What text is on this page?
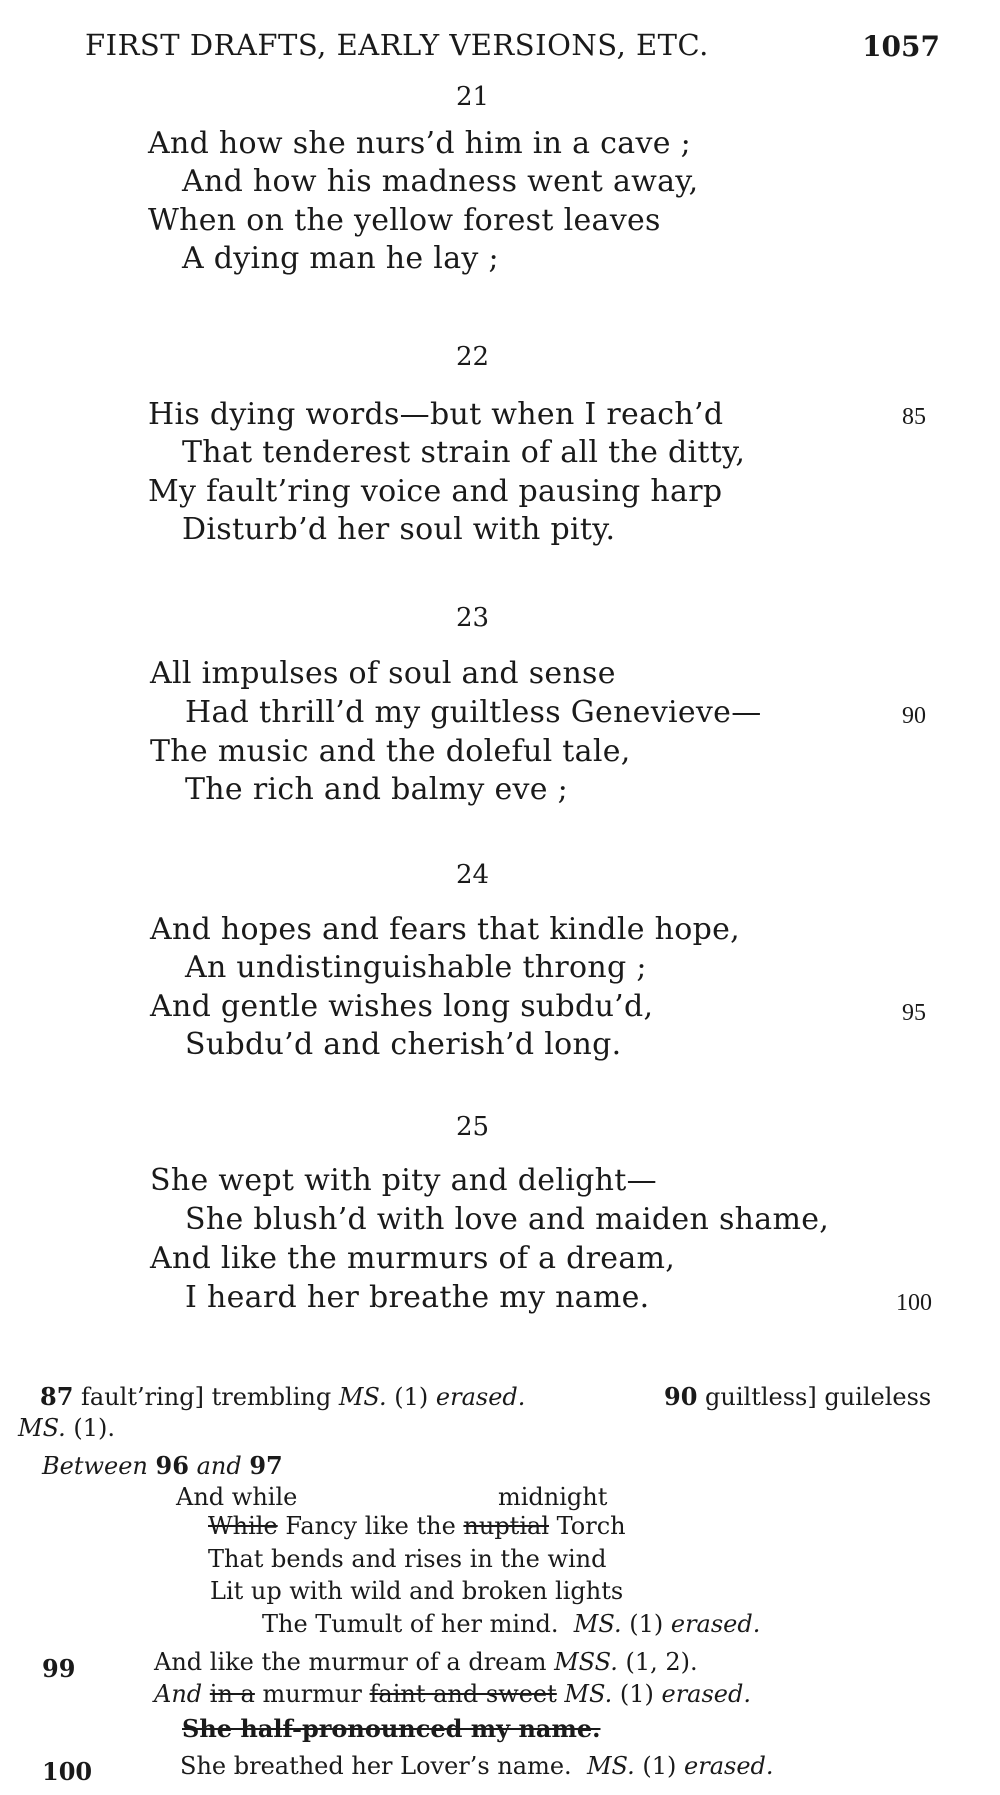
FIRST DRAFTS, EARLY VERSIONS, ETC.	1057
21
And how she nurs’d him in a cave ;
And how his madness went away,
When on the yellow forest leaves
A dying man he lay ;
22
His dying words—but when I reach’d	85
That tenderest strain of all the ditty,
My fault’ring voice and pausing harp
Disturb’d her soul with pity.
23
All impulses of soul and sense
Had thrill’d my guiltless Genevieve—	90
The music and the doleful tale,
The rich and balmy eve ;
24
And hopes and fears that kindle hope,
An undistinguishable throng ;
And gentle wishes long subdu’d,	95
Subdu’d and cherish’d long.
25
She wept with pity and delight—
She blush’d with love and maiden shame,
And like the murmurs of a dream,
I heard her breathe my name.	100
87 fault’ring] trembling MS. (1) erased.	90 guiltless] guileless
MS. (1).
Between 96 and 97
And while	midnight
While Fancy like the nuptial Torch
That bends and rises in the wind
Lit up with wild and broken lights
The Tumult of her mind. MS. (1) erased.
99	And like the murmur of a dream MSS. (1, 2).
And in a murmur faint and sweet MS. (1) erased.
She half-pronounced my name.
100	She breathed her Lover’s name. MS. (1) erased.
